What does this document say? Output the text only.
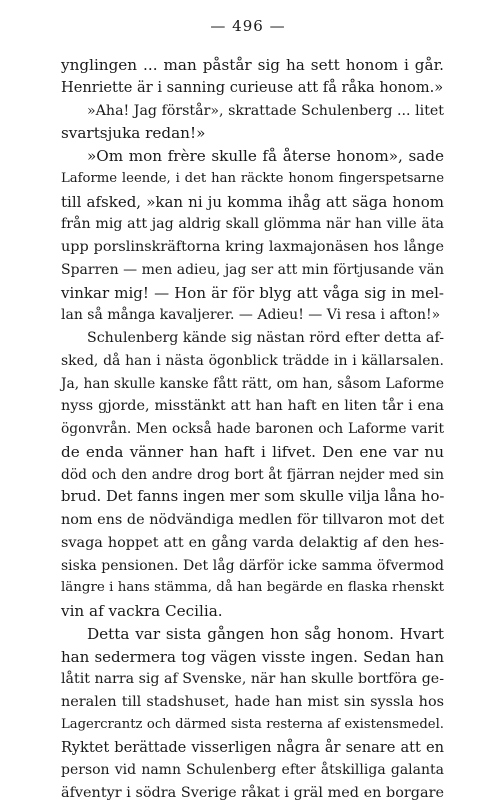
— 496 —
ynglingen ... man påstår sig ha sett honom i går.
Henriette är i sanning curieuse att få råka honom.»
»Aha! Jag förstår», skrattade Schulenberg ... litet
svartsjuka redan!»
»Om mon frère skulle få återse honom», sade
Laforme leende, i det han räckte honom fingerspetsarne
till afsked, »kan ni ju komma ihåg att säga honom
från mig att jag aldrig skall glömma när han ville äta
upp porslinskräftorna kring laxmajonäsen hos långe
Sparren — men adieu, jag ser att min förtjusande vän
vinkar mig! — Hon är för blyg att våga sig in mel-
lan så många kavaljerer. — Adieu! — Vi resa i afton!»
Schulenberg kände sig nästan rörd efter detta af-
sked, då han i nästa ögonblick trädde in i källarsalen.
Ja, han skulle kanske fått rätt, om han, såsom Laforme
nyss gjorde, misstänkt att han haft en liten tår i ena
ögonvrån. Men också hade baronen och Laforme varit
de enda vänner han haft i lifvet. Den ene var nu
död och den andre drog bort åt fjärran nejder med sin
brud. Det fanns ingen mer som skulle vilja låna ho-
nom ens de nödvändiga medlen för tillvaron mot det
svaga hoppet att en gång varda delaktig af den hes-
siska pensionen. Det låg därför icke samma öfvermod
längre i hans stämma, då han begärde en flaska rhenskt
vin af vackra Cecilia.
Detta var sista gången hon såg honom. Hvart
han sedermera tog vägen visste ingen. Sedan han
låtit narra sig af Svenske, när han skulle bortföra ge-
neralen till stadshuset, hade han mist sin syssla hos
Lagercrantz och därmed sista resterna af existensmedel.
Ryktet berättade visserligen några år senare att en
person vid namn Schulenberg efter åtskilliga galanta
äfventyr i södra Sverige råkat i gräl med en borgare
